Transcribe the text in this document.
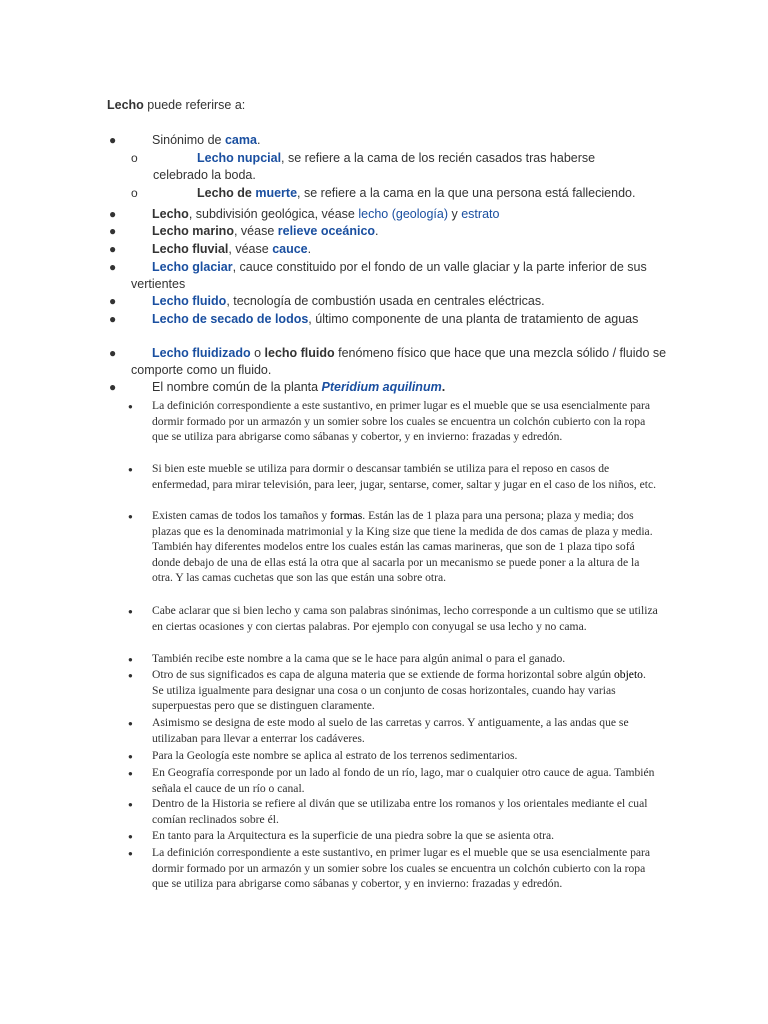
Lecho puede referirse a:
●	Sinónimo de cama.
o	Lecho nupcial, se refiere a la cama de los recién casados tras haberse celebrado la boda.
o	Lecho de muerte, se refiere a la cama en la que una persona está falleciendo.
●	Lecho, subdivisión geológica, véase lecho (geología) y estrato
●	Lecho marino, véase relieve oceánico.
●	Lecho fluvial, véase cauce.
●	Lecho glaciar, cauce constituido por el fondo de un valle glaciar y la parte inferior de sus vertientes
●	Lecho fluido, tecnología de combustión usada en centrales eléctricas.
●	Lecho de secado de lodos, último componente de una planta de tratamiento de aguas
●	Lecho fluidizado o lecho fluido fenómeno físico que hace que una mezcla sólido / fluido se comporte como un fluido.
●	El nombre común de la planta Pteridium aquilinum.
●	La definición correspondiente a este sustantivo, en primer lugar es el mueble que se usa esencialmente para dormir formado por un armazón y un somier sobre los cuales se encuentra un colchón cubierto con la ropa que se utiliza para abrigarse como sábanas y cobertor, y en invierno: frazadas y edredón.
●	Si bien este mueble se utiliza para dormir o descansar también se utiliza para el reposo en casos de enfermedad, para mirar televisión, para leer, jugar, sentarse, comer, saltar y jugar en el caso de los niños, etc.
●	Existen camas de todos los tamaños y formas. Están las de 1 plaza para una persona; plaza y media; dos plazas que es la denominada matrimonial y la King size que tiene la medida de dos camas de plaza y media. También hay diferentes modelos entre los cuales están las camas marineras, que son de 1 plaza tipo sofá donde debajo de una de ellas está la otra que al sacarla por un mecanismo se puede poner a la altura de la otra. Y las camas cuchetas que son las que están una sobre otra.
●	Cabe aclarar que si bien lecho y cama son palabras sinónimas, lecho corresponde a un cultismo que se utiliza en ciertas ocasiones y con ciertas palabras. Por ejemplo con conyugal se usa lecho y no cama.
●	También recibe este nombre a la cama que se le hace para algún animal o para el ganado.
●	Otro de sus significados es capa de alguna materia que se extiende de forma horizontal sobre algún objeto. Se utiliza igualmente para designar una cosa o un conjunto de cosas horizontales, cuando hay varias superpuestas pero que se distinguen claramente.
●	Asimismo se designa de este modo al suelo de las carretas y carros. Y antiguamente, a las andas que se utilizaban para llevar a enterrar los cadáveres.
●	Para la Geología este nombre se aplica al estrato de los terrenos sedimentarios.
●	En Geografía corresponde por un lado al fondo de un río, lago, mar o cualquier otro cauce de agua. También señala el cauce de un río o canal.
●	Dentro de la Historia se refiere al diván que se utilizaba entre los romanos y los orientales mediante el cual comían reclinados sobre él.
●	En tanto para la Arquitectura es la superficie de una piedra sobre la que se asienta otra.
●	La definición correspondiente a este sustantivo, en primer lugar es el mueble que se usa esencialmente para dormir formado por un armazón y un somier sobre los cuales se encuentra un colchón cubierto con la ropa que se utiliza para abrigarse como sábanas y cobertor, y en invierno: frazadas y edredón.
